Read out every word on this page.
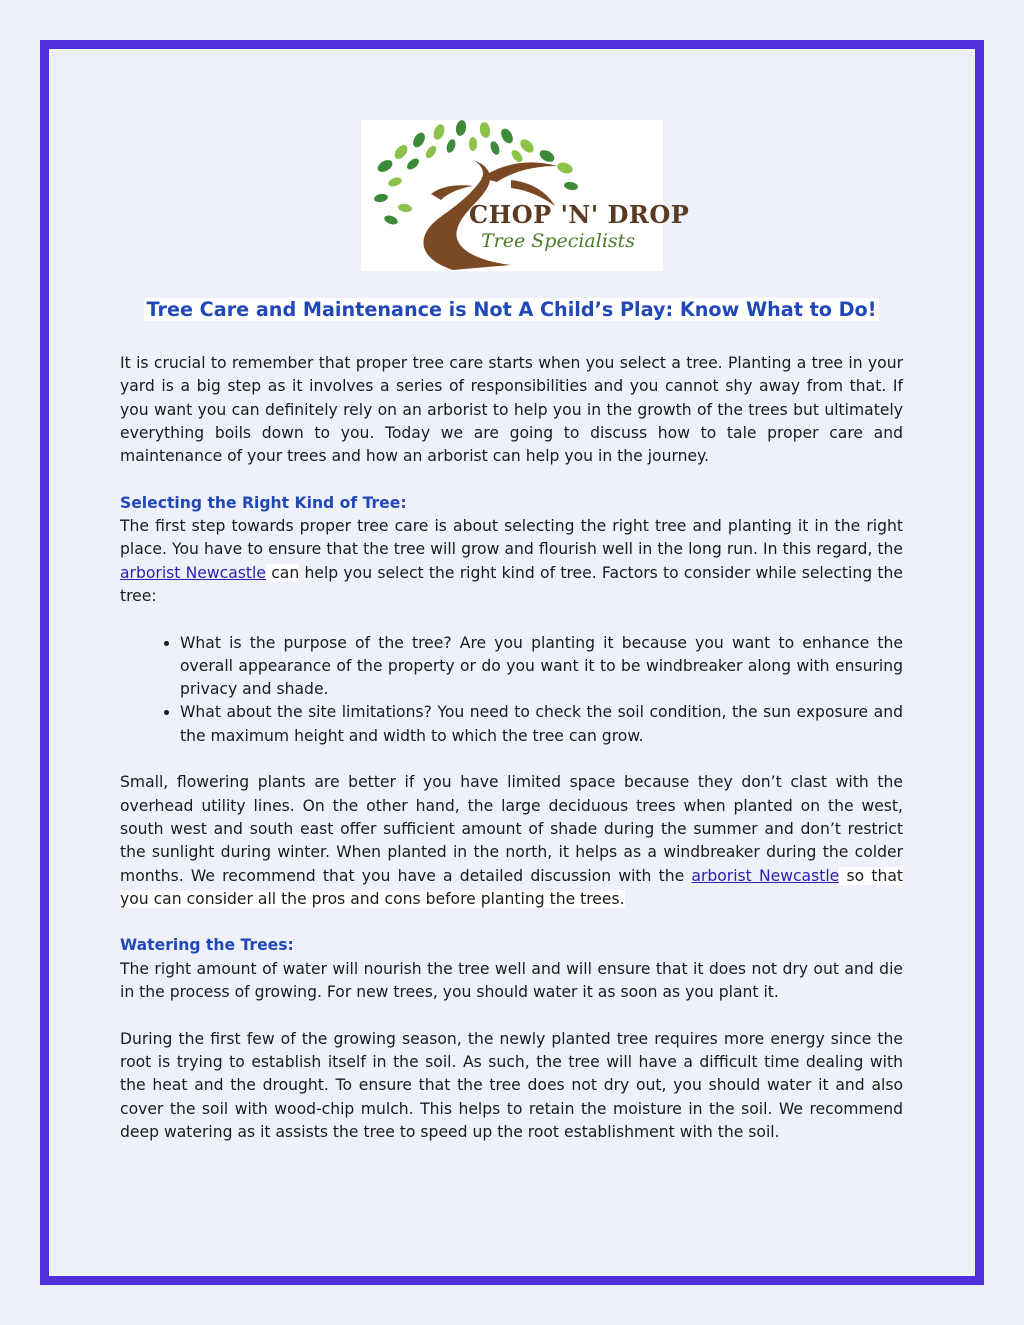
CHOP 'N' DROP
Tree Specialists
Tree Care and Maintenance is Not A Child’s Play: Know What to Do!

It is crucial to remember that proper tree care starts when you select a tree. Planting a tree in your yard is a big step as it involves a series of responsibilities and you cannot shy away from that. If you want you can definitely rely on an arborist to help you in the growth of the trees but ultimately everything boils down to you. Today we are going to discuss how to tale proper care and maintenance of your trees and how an arborist can help you in the journey.

Selecting the Right Kind of Tree:

The first step towards proper tree care is about selecting the right tree and planting it in the right place. You have to ensure that the tree will grow and flourish well in the long run. In this regard, the arborist Newcastle can help you select the right kind of tree. Factors to consider while selecting the tree:

• What is the purpose of the tree? Are you planting it because you want to enhance the overall appearance of the property or do you want it to be windbreaker along with ensuring privacy and shade.
• What about the site limitations? You need to check the soil condition, the sun exposure and the maximum height and width to which the tree can grow.

Small, flowering plants are better if you have limited space because they don’t clast with the overhead utility lines. On the other hand, the large deciduous trees when planted on the west, south west and south east offer sufficient amount of shade during the summer and don’t restrict the sunlight during winter. When planted in the north, it helps as a windbreaker during the colder months. We recommend that you have a detailed discussion with the arborist Newcastle so that you can consider all the pros and cons before planting the trees.

Watering the Trees:

The right amount of water will nourish the tree well and will ensure that it does not dry out and die in the process of growing. For new trees, you should water it as soon as you plant it.

During the first few of the growing season, the newly planted tree requires more energy since the root is trying to establish itself in the soil. As such, the tree will have a difficult time dealing with the heat and the drought. To ensure that the tree does not dry out, you should water it and also cover the soil with wood-chip mulch. This helps to retain the moisture in the soil. We recommend deep watering as it assists the tree to speed up the root establishment with the soil.
